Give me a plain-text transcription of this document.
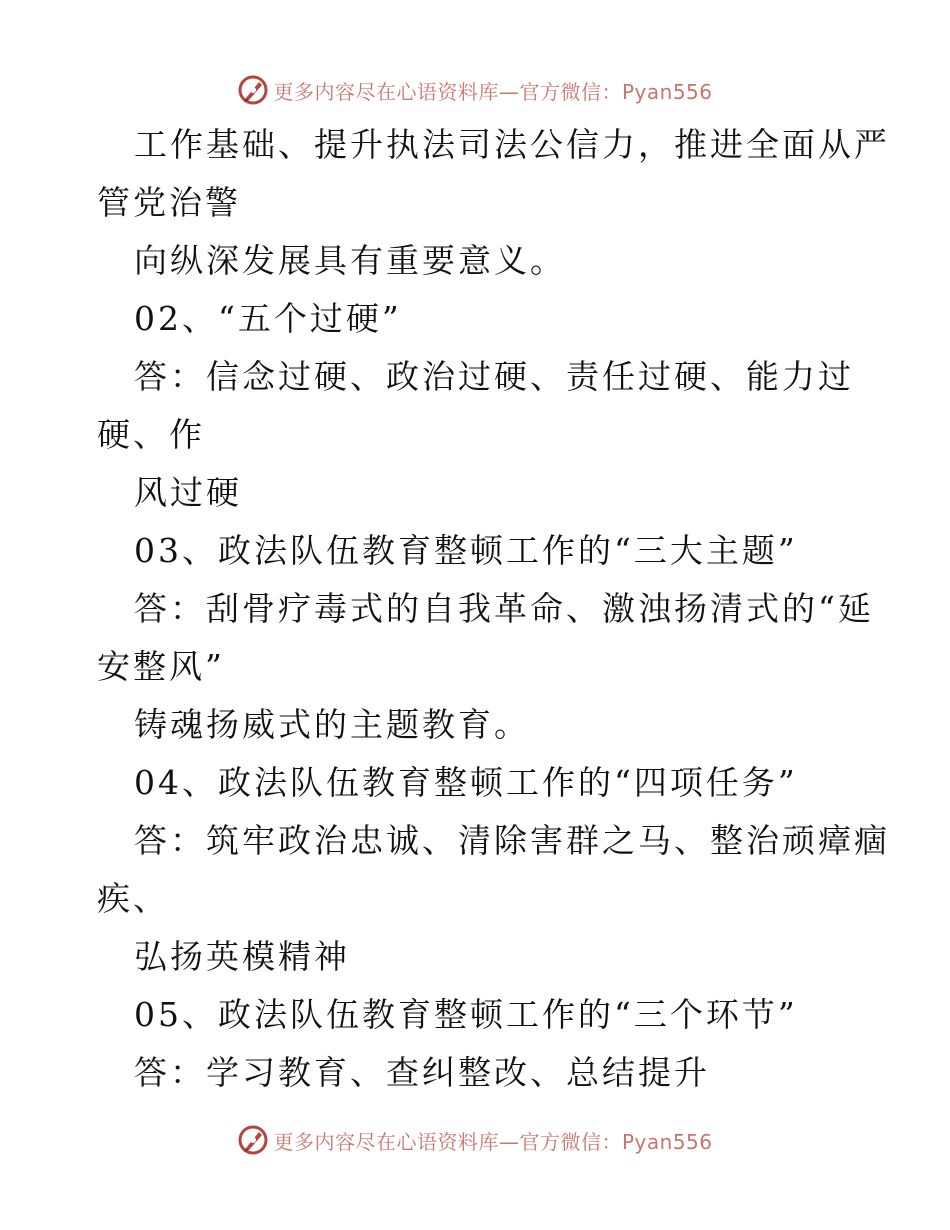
更多内容尽在心语资料库—官方微信：Pyan556
工作基础、提升执法司法公信力，推进全面从严
管党治警
向纵深发展具有重要意义。
02、“五个过硬”
答：信念过硬、政治过硬、责任过硬、能力过
硬、作
风过硬
03、政法队伍教育整顿工作的“三大主题”
答：刮骨疗毒式的自我革命、激浊扬清式的“延
安整风”
铸魂扬威式的主题教育。
04、政法队伍教育整顿工作的“四项任务”
答：筑牢政治忠诚、清除害群之马、整治顽瘴痼
疾、
弘扬英模精神
05、政法队伍教育整顿工作的“三个环节”
答：学习教育、查纠整改、总结提升
更多内容尽在心语资料库—官方微信：Pyan556
